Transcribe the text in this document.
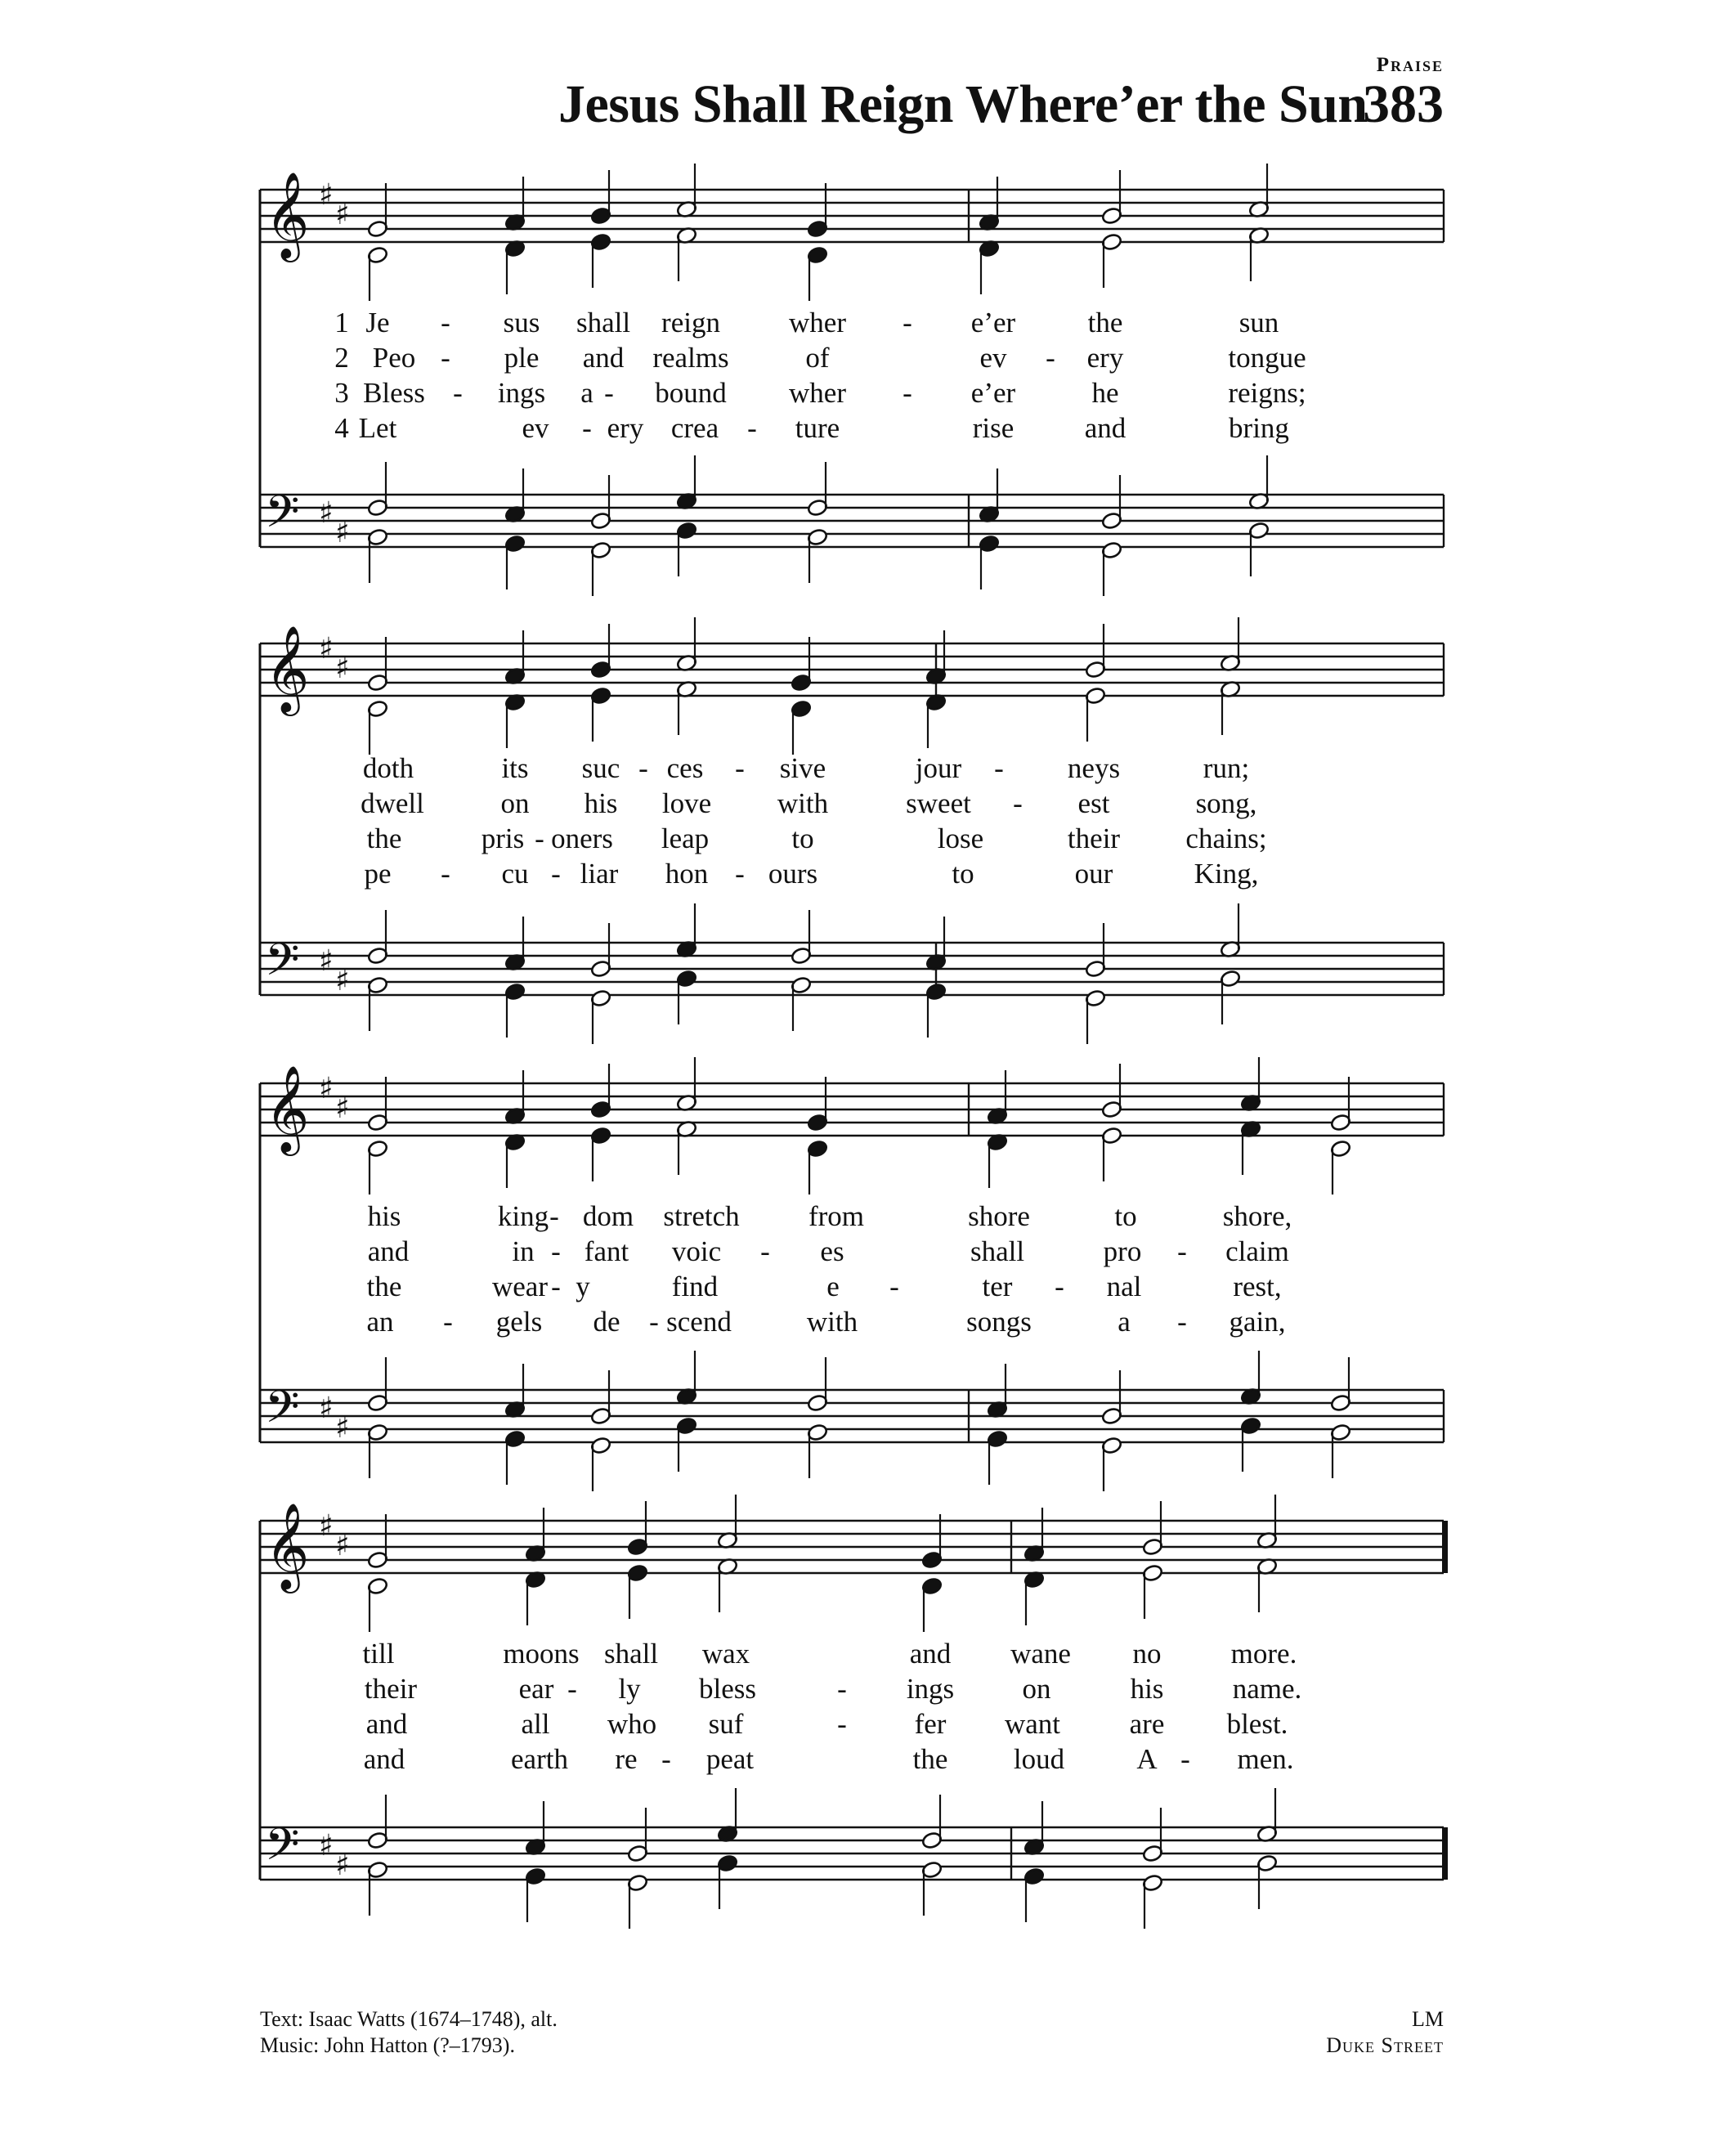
Praise
Jesus Shall Reign Where’er the Sun
383
𝄞
𝄢
♯
♯
♯
♯
𝄞
𝄢
♯
♯
♯
♯
𝄞
𝄢
♯
♯
♯
♯
𝄞
𝄢
♯
♯
♯
♯
1 Je - sus shall reign wher - e’er	the	sun
2 Peo - ple and realms	of	ev - ery	tongue
3 Bless - ings a - bound wher - e’er	he	reigns;
4 Let	ev - ery crea - ture	rise and	bring
doth	its suc - ces - sive	jour - neys	run;
dwell	on his love with	sweet - est	song,
the	pris - oners leap	to	lose	their chains;
pe - cu - liar hon - ours	to	our	King,
his	king - dom stretch from	shore	to	shore,
and	in - fant voic - es	shall	pro - claim
the	wear - y	find	e -	ter - nal	rest,
an - gels de - scend	with	songs	a - gain,
till	moons shall wax	and wane no more.
their	ear - ly bless	- ings on	his name.
and	all who suf	- fer want are blest.
and	earth re - peat	the loud	A - men.
Text: Isaac Watts (1674–1748), alt.
Music: John Hatton (?–1793).
LM
Duke Street
